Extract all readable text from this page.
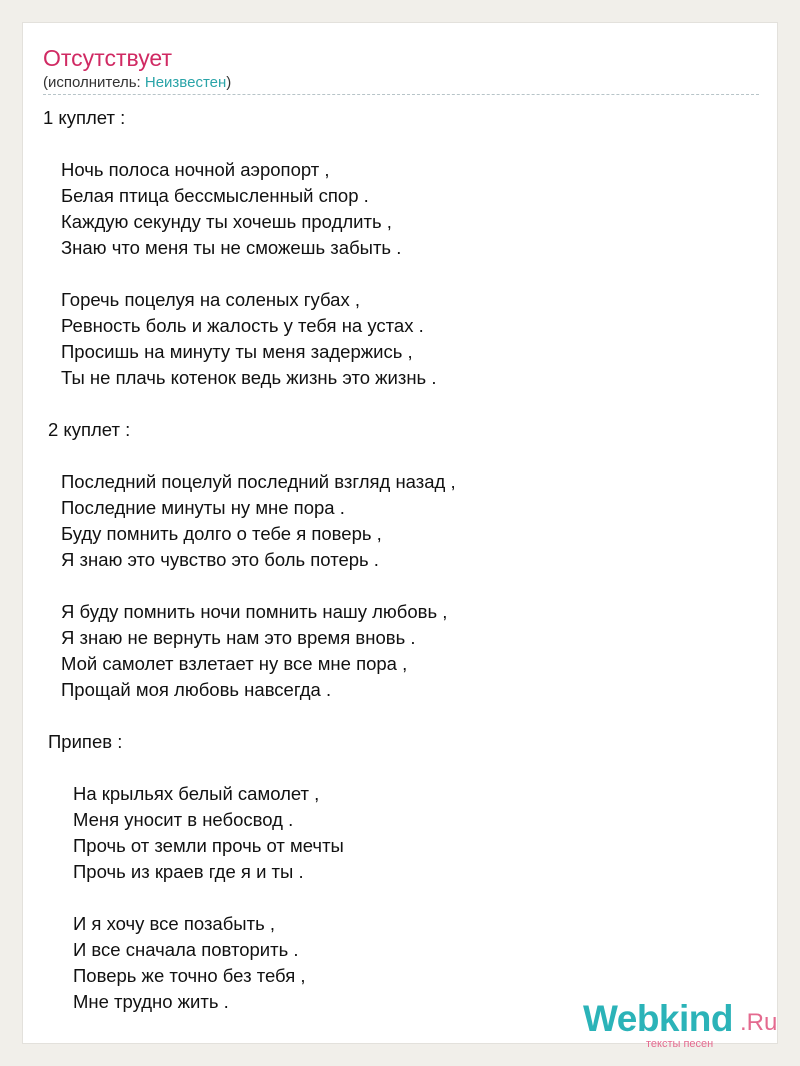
Отсутствует
(исполнитель: Неизвестен)
1 куплет :
Ночь полоса ночной аэропорт ,
Белая птица бессмысленный спор .
Каждую секунду ты хочешь продлить ,
Знаю что меня ты не сможешь забыть .
Горечь поцелуя на соленых губах ,
Ревность боль и жалость у тебя на устах .
Просишь на минуту ты меня задержись ,
Ты не плачь котенок ведь жизнь это жизнь .
2 куплет :
Последний поцелуй последний взгляд назад ,
Последние минуты ну мне пора .
Буду помнить долго о тебе я поверь ,
Я знаю это чувство это боль потерь .
Я буду помнить ночи помнить нашу любовь ,
Я знаю не вернуть нам это время вновь .
Мой самолет взлетает ну все мне пора ,
Прощай моя любовь навсегда .
Припев :
На крыльях белый самолет ,
Меня уносит в небосвод .
Прочь от земли прочь от мечты
Прочь из краев где я и ты .
И я хочу все позабыть ,
И все сначала повторить .
Поверь же точно без тебя ,
Мне трудно жить .	Webkind .Ru
тексты песен
